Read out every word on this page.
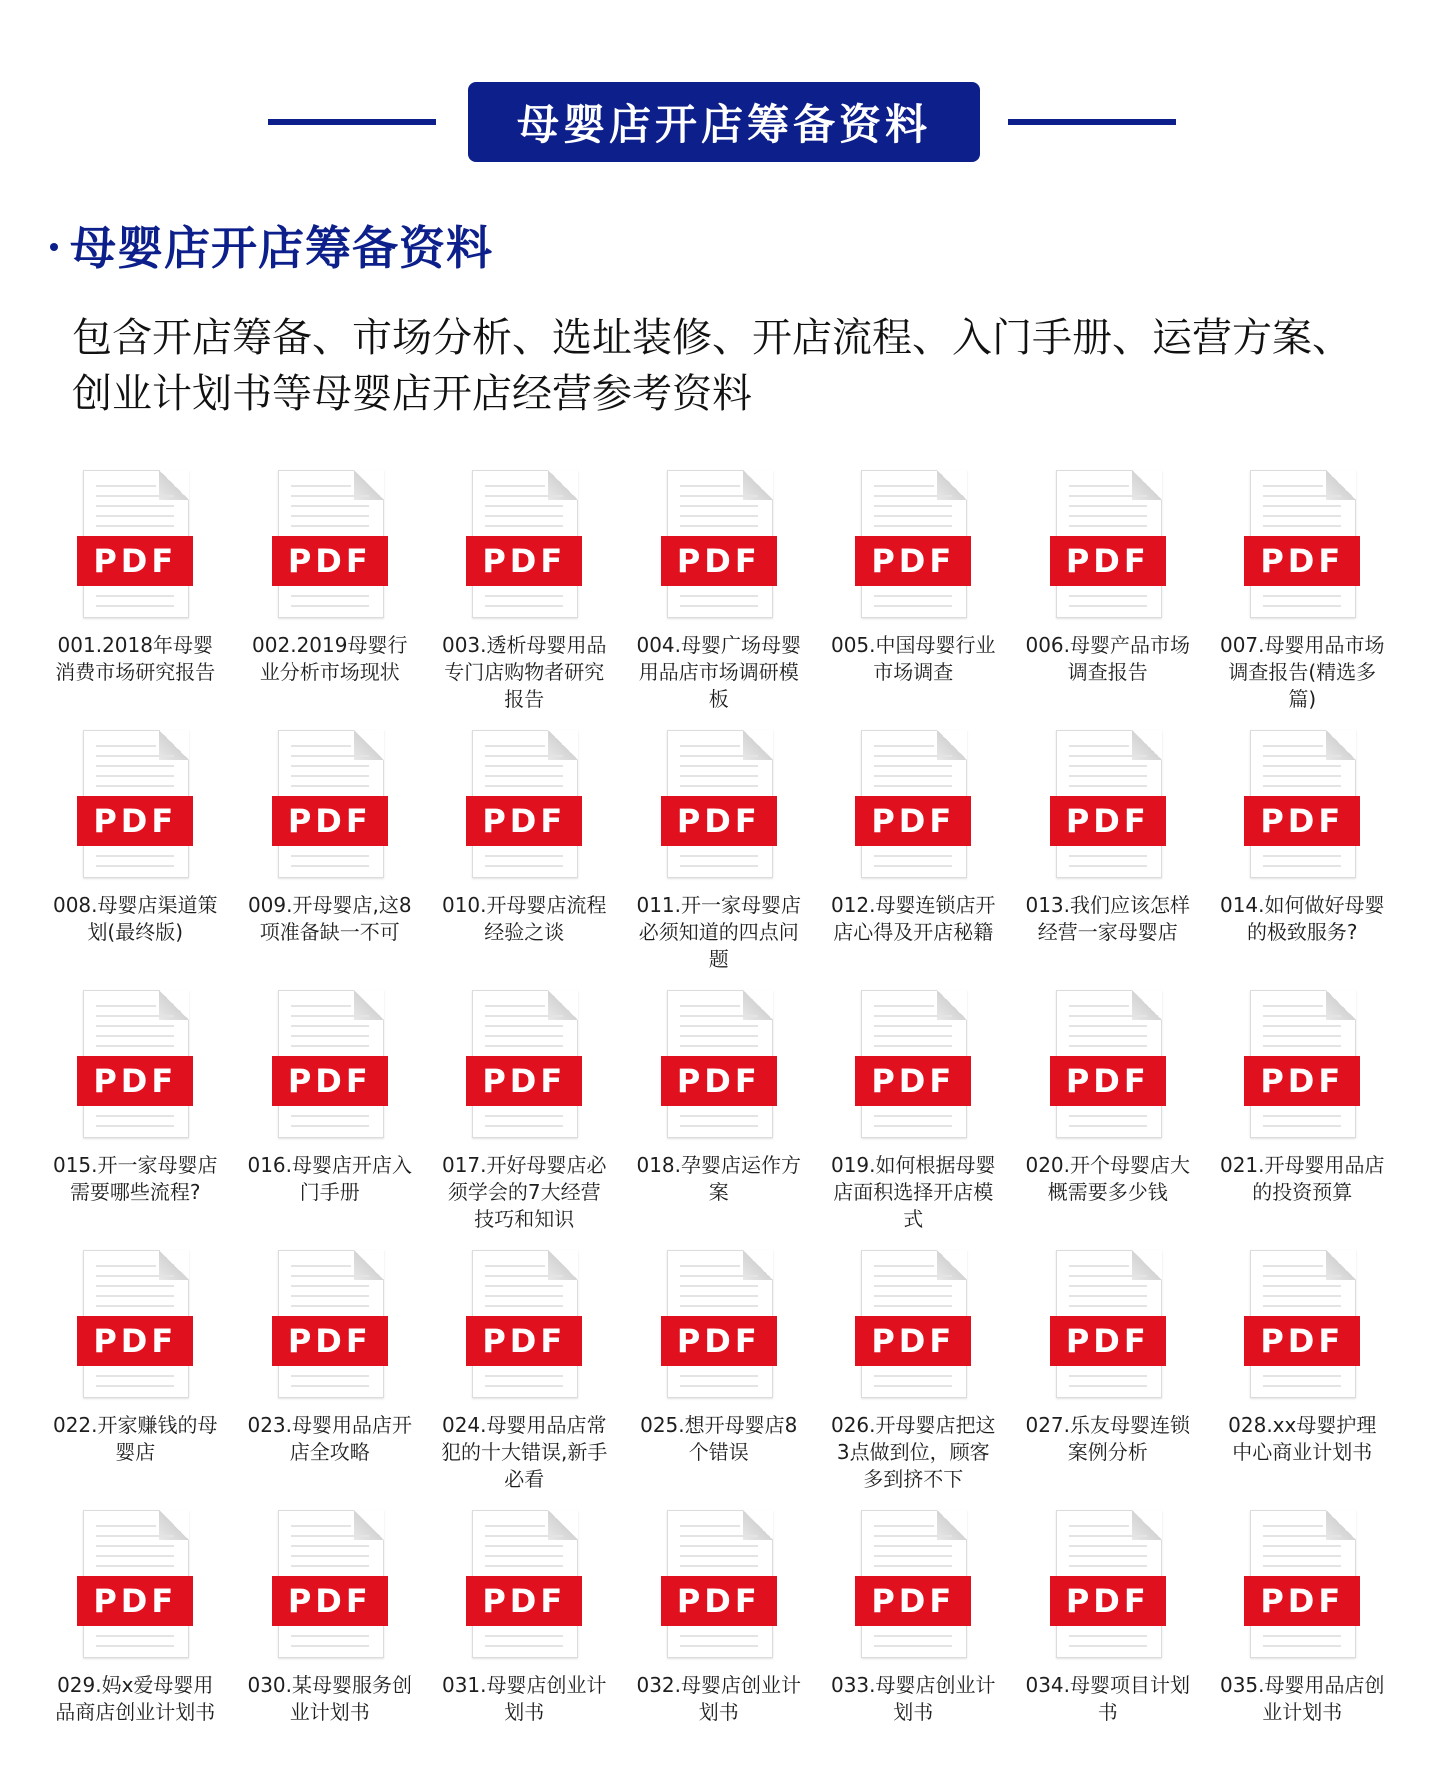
母婴店开店筹备资料
母婴店开店筹备资料
包含开店筹备、市场分析、选址装修、开店流程、入门手册、运营方案、
创业计划书等母婴店开店经营参考资料
PDF
001.2018年母婴消费市场研究报告
PDF
002.2019母婴行业分析市场现状
PDF
003.透析母婴用品专门店购物者研究报告
PDF
004.母婴广场母婴用品店市场调研模板
PDF
005.中国母婴行业市场调查
PDF
006.母婴产品市场调查报告
PDF
007.母婴用品市场调查报告(精选多篇)
PDF
008.母婴店渠道策划(最终版)
PDF
009.开母婴店,这8项准备缺一不可
PDF
010.开母婴店流程经验之谈
PDF
011.开一家母婴店必须知道的四点问题
PDF
012.母婴连锁店开店心得及开店秘籍
PDF
013.我们应该怎样经营一家母婴店
PDF
014.如何做好母婴的极致服务?
PDF
015.开一家母婴店需要哪些流程?
PDF
016.母婴店开店入门手册
PDF
017.开好母婴店必须学会的7大经营技巧和知识
PDF
018.孕婴店运作方案
PDF
019.如何根据母婴店面积选择开店模式
PDF
020.开个母婴店大概需要多少钱
PDF
021.开母婴用品店的投资预算
PDF
022.开家赚钱的母婴店
PDF
023.母婴用品店开店全攻略
PDF
024.母婴用品店常犯的十大错误,新手必看
PDF
025.想开母婴店8个错误
PDF
026.开母婴店把这3点做到位，顾客多到挤不下
PDF
027.乐友母婴连锁案例分析
PDF
028.xx母婴护理中心商业计划书
PDF
029.妈x爱母婴用品商店创业计划书
PDF
030.某母婴服务创业计划书
PDF
031.母婴店创业计划书
PDF
032.母婴店创业计划书
PDF
033.母婴店创业计划书
PDF
034.母婴项目计划书
PDF
035.母婴用品店创业计划书
